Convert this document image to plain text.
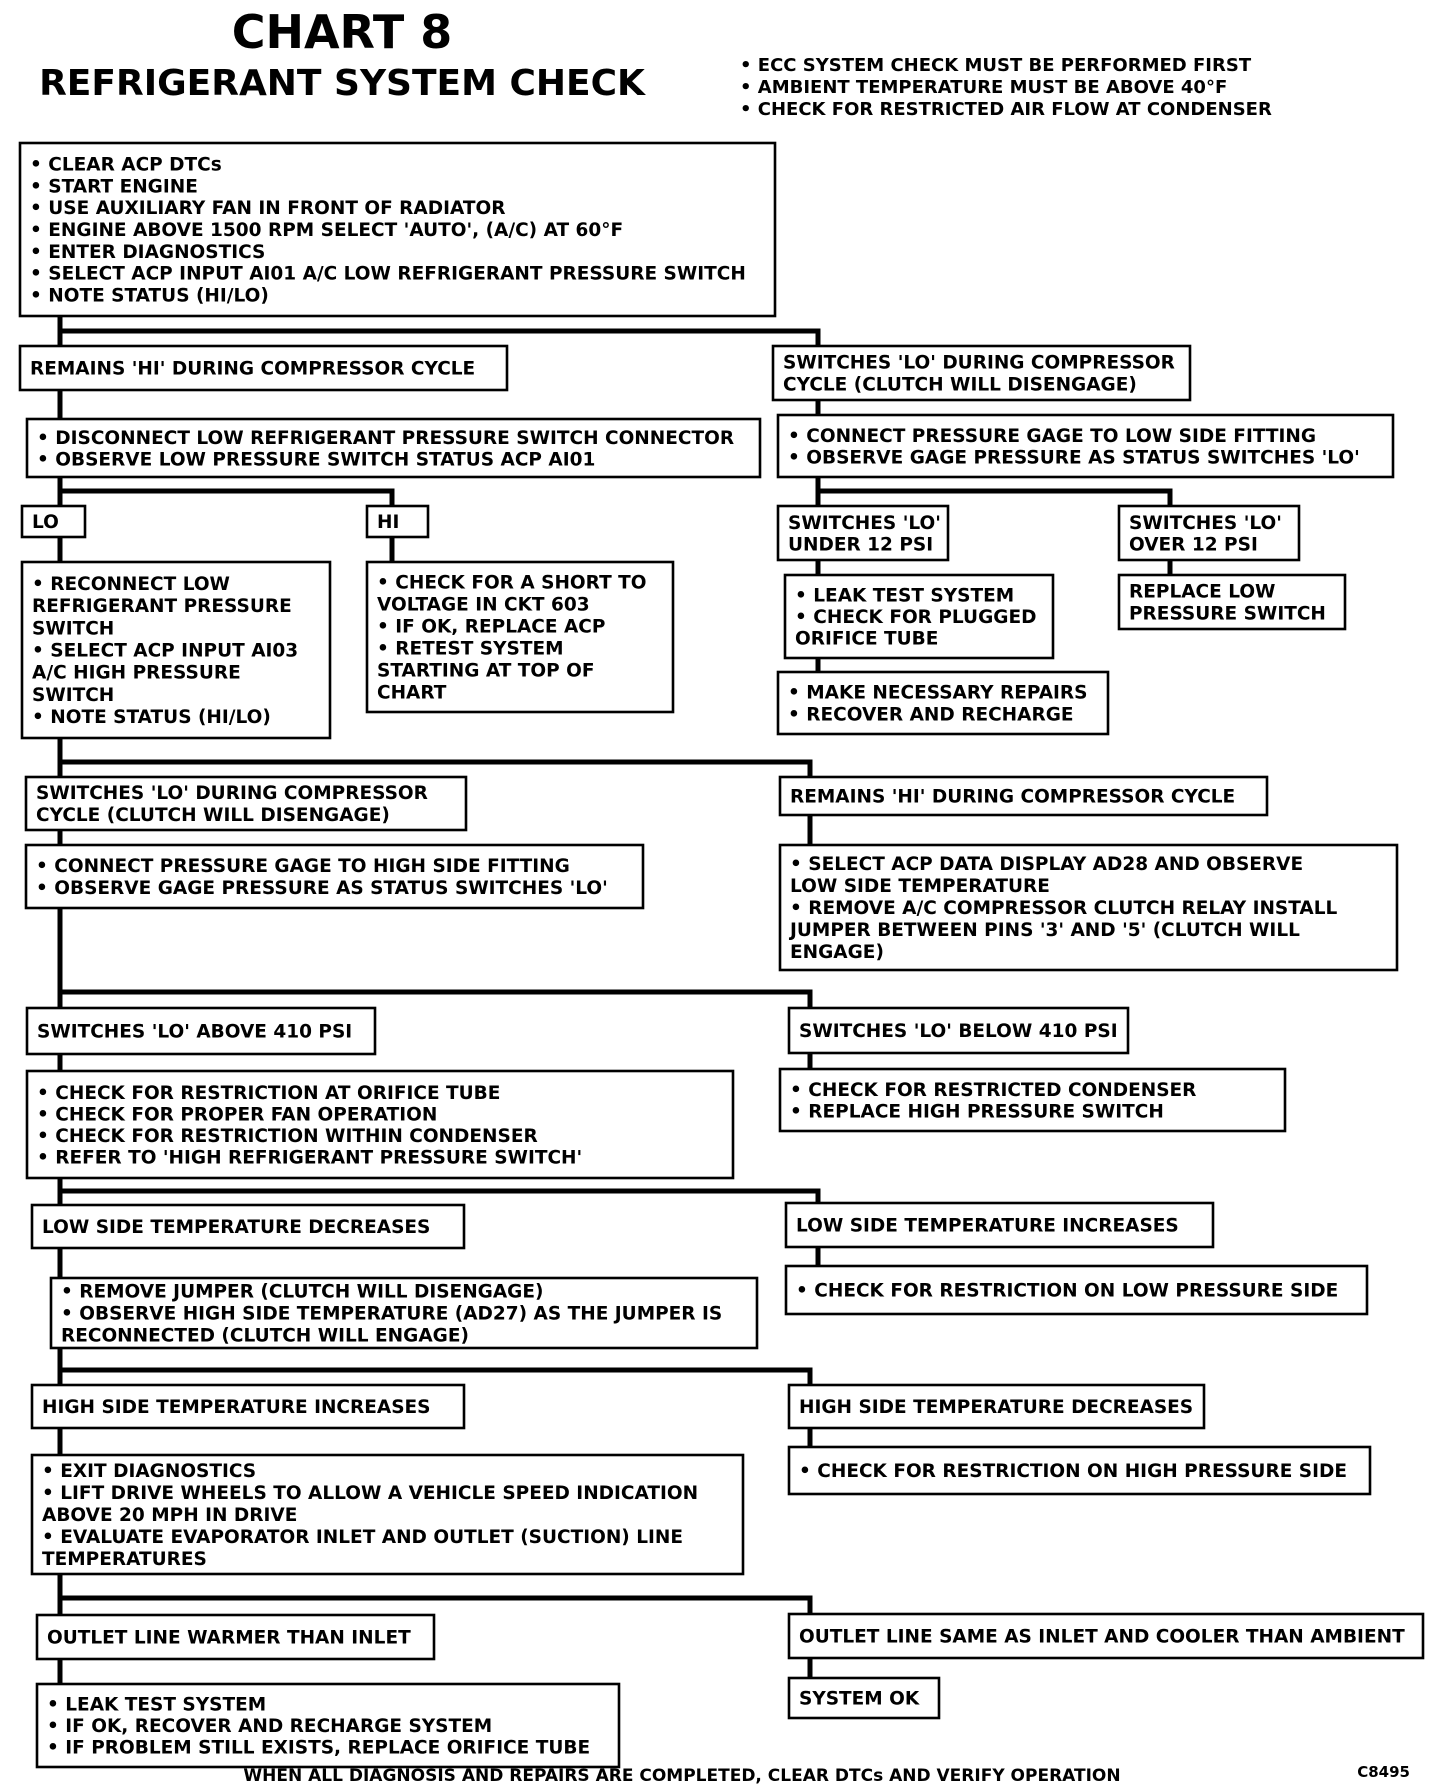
CHART 8
REFRIGERANT SYSTEM CHECK	• ECC SYSTEM CHECK MUST BE PERFORMED FIRST
• AMBIENT TEMPERATURE MUST BE ABOVE 40°F
• CHECK FOR RESTRICTED AIR FLOW AT CONDENSER
• CLEAR ACP DTCs
• START ENGINE
• USE AUXILIARY FAN IN FRONT OF RADIATOR
• ENGINE ABOVE 1500 RPM SELECT 'AUTO', (A/C) AT 60°F
• ENTER DIAGNOSTICS
• SELECT ACP INPUT AI01 A/C LOW REFRIGERANT PRESSURE SWITCH
• NOTE STATUS (HI/LO)
REMAINS 'HI' DURING COMPRESSOR CYCLE	SWITCHES 'LO' DURING COMPRESSOR
CYCLE (CLUTCH WILL DISENGAGE)
• DISCONNECT LOW REFRIGERANT PRESSURE SWITCH CONNECTOR
• OBSERVE LOW PRESSURE SWITCH STATUS ACP AI01
• CONNECT PRESSURE GAGE TO LOW SIDE FITTING
• OBSERVE GAGE PRESSURE AS STATUS SWITCHES 'LO'
LO	HI	SWITCHES 'LO'
UNDER 12 PSI
SWITCHES 'LO'
OVER 12 PSI
• RECONNECT LOW
REFRIGERANT PRESSURE
SWITCH
• SELECT ACP INPUT AI03
A/C HIGH PRESSURE
SWITCH
• NOTE STATUS (HI/LO)
• CHECK FOR A SHORT TO
VOLTAGE IN CKT 603
• IF OK, REPLACE ACP
• RETEST SYSTEM
STARTING AT TOP OF
CHART
• LEAK TEST SYSTEM
• CHECK FOR PLUGGED
ORIFICE TUBE
REPLACE LOW
PRESSURE SWITCH
• MAKE NECESSARY REPAIRS
• RECOVER AND RECHARGE
SWITCHES 'LO' DURING COMPRESSOR
CYCLE (CLUTCH WILL DISENGAGE)
REMAINS 'HI' DURING COMPRESSOR CYCLE
• CONNECT PRESSURE GAGE TO HIGH SIDE FITTING
• OBSERVE GAGE PRESSURE AS STATUS SWITCHES 'LO'
• SELECT ACP DATA DISPLAY AD28 AND OBSERVE
LOW SIDE TEMPERATURE
• REMOVE A/C COMPRESSOR CLUTCH RELAY INSTALL
JUMPER BETWEEN PINS '3' AND '5' (CLUTCH WILL
ENGAGE)
SWITCHES 'LO' ABOVE 410 PSI	SWITCHES 'LO' BELOW 410 PSI
• CHECK FOR RESTRICTION AT ORIFICE TUBE
• CHECK FOR PROPER FAN OPERATION
• CHECK FOR RESTRICTION WITHIN CONDENSER
• REFER TO 'HIGH REFRIGERANT PRESSURE SWITCH'
• CHECK FOR RESTRICTED CONDENSER
• REPLACE HIGH PRESSURE SWITCH
LOW SIDE TEMPERATURE DECREASES	LOW SIDE TEMPERATURE INCREASES
• REMOVE JUMPER (CLUTCH WILL DISENGAGE)
• OBSERVE HIGH SIDE TEMPERATURE (AD27) AS THE JUMPER IS
RECONNECTED (CLUTCH WILL ENGAGE)
• CHECK FOR RESTRICTION ON LOW PRESSURE SIDE
HIGH SIDE TEMPERATURE INCREASES	HIGH SIDE TEMPERATURE DECREASES
• EXIT DIAGNOSTICS
• LIFT DRIVE WHEELS TO ALLOW A VEHICLE SPEED INDICATION
ABOVE 20 MPH IN DRIVE
• EVALUATE EVAPORATOR INLET AND OUTLET (SUCTION) LINE
TEMPERATURES
• CHECK FOR RESTRICTION ON HIGH PRESSURE SIDE
OUTLET LINE WARMER THAN INLET	OUTLET LINE SAME AS INLET AND COOLER THAN AMBIENT
• LEAK TEST SYSTEM
• IF OK, RECOVER AND RECHARGE SYSTEM
• IF PROBLEM STILL EXISTS, REPLACE ORIFICE TUBE
SYSTEM OK
WHEN ALL DIAGNOSIS AND REPAIRS ARE COMPLETED, CLEAR DTCs AND VERIFY OPERATION	C8495
